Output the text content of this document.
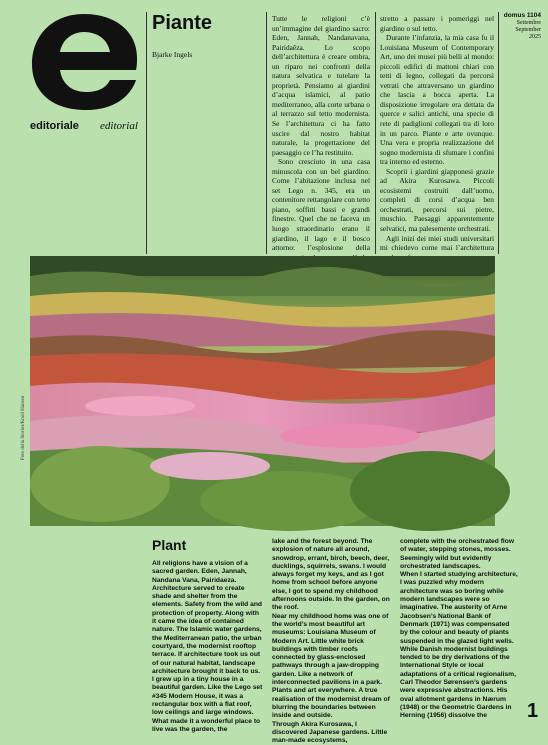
editoriale editorial
Piante
Bjarke Ingels

Tutte le religioni c’è un’immagine del giardino sacro: Eden, Jannah, Nandanavana, Pairidaêza. Lo scopo dell’architettura è creare ombra, un riparo nei confronti della natura selvatica e tutelare la proprietà. Pensiamo ai giardini d’acqua islamici, al patio mediterraneo, alla corte urbana o al terrazzo sul tetto modernista. Se l’architettura ci ha fatto uscire dal nostro habitat naturale, la progettazione del paesaggio ce l’ha restituito.

Sono cresciuto in una casa minuscola con un bel giardino. Come l’abitazione inclusa nel set Lego n. 345, era un contenitore rettangolare con tetto piano, soffitti bassi e grandi finestre. Quel che ne faceva un luogo straordinario erano il giardino, il lago e il bosco attorno: l’esplosione della

stretto a passare i pomeriggi nel giardino o sul tetto.

Durante l’infanzia, la mia casa fu il Louisiana Museum of Contemporary Art, uno dei musei più belli al mondo: piccoli edifici di mattoni chiari con tetti di legno, collegati da percorsi vetrati che attraversano un giardino che lascia a bocca aperta. La disposizione irregolare era dettata da querce e salici antichi, una specie di rete di padiglioni collegati tra di loro in un parco. Piante e arte ovunque. Una vera e propria realizzazione del sogno modernista di sfumare i confini tra interno ed esterno.

Scoprii i giardini giapponesi grazie ad Akira Kurosawa. Piccoli ecosistemi costruiti dall’uomo, completi di corsi d’acqua ben orchestrati, percorsi sui pietre, muschio. Paesaggi apparentemente selvatici, ma palesemente orchestrati.

Agli inizi dei miei studi universitari mi chiedevo come mai l’architettura

domus 1104
Settembre
September
2025
Foto della Stories/Knoll Hansen
Plant

All religions have a vision of a sacred garden. Eden, Jannah, Nandana Vana, Pairidaeza. Architecture served to create shade and shelter from the elements. Safety from the wild and protection of property. Along with it came the idea of contained nature. The Islamic water gardens, the Mediterranean patio, the urban courtyard, the modernist rooftop terrace. If architecture took us out of our natural habitat, landscape architecture brought it back to us.

I grew up in a tiny house in a beautiful garden. Like the Lego set #345 Modern House, it was a rectangular box with a flat roof, low ceilings and large windows. What made it a wonderful place to live was the garden, the

lake and the forest beyond. The explosion of nature all around, snowdrop, errant, birch, beech, deer, ducklings, squirrels, swans. I would always forget my keys, and as I got home from school before anyone else, I got to spend my childhood afternoons outside. In the garden, on the roof.

Near my childhood home was one of the world’s most beautiful art museums: Louisiana Museum of Modern Art. Little white brick buildings with timber roofs connected by glass-enclosed pathways through a jaw-dropping garden. Like a network of interconnected pavilions in a park. Plants and art everywhere. A true realisation of the modernist dream of blurring the boundaries between inside and outside.

Through Akira Kurosawa, I discovered Japanese gardens. Little man-made ecosystems,

complete with the orchestrated flow of water, stepping stones, mosses. Seemingly wild but evidently orchestrated landscapes.

When I started studying architecture, I was puzzled why modern architecture was so boring while modern landscapes were so imaginative. The austerity of Arne Jacobsen’s National Bank of Denmark (1971) was compensated by the colour and beauty of plants suspended in the glazed light wells. While Danish modernist buildings tended to be dry derivations of the International Style or local adaptations of a critical regionalism, Carl Theodor Sørensen’s gardens were expressive abstractions. His oval allotment gardens in Nærum (1948) or the Geometric Gardens in Herning (1956) dissolve the	1
